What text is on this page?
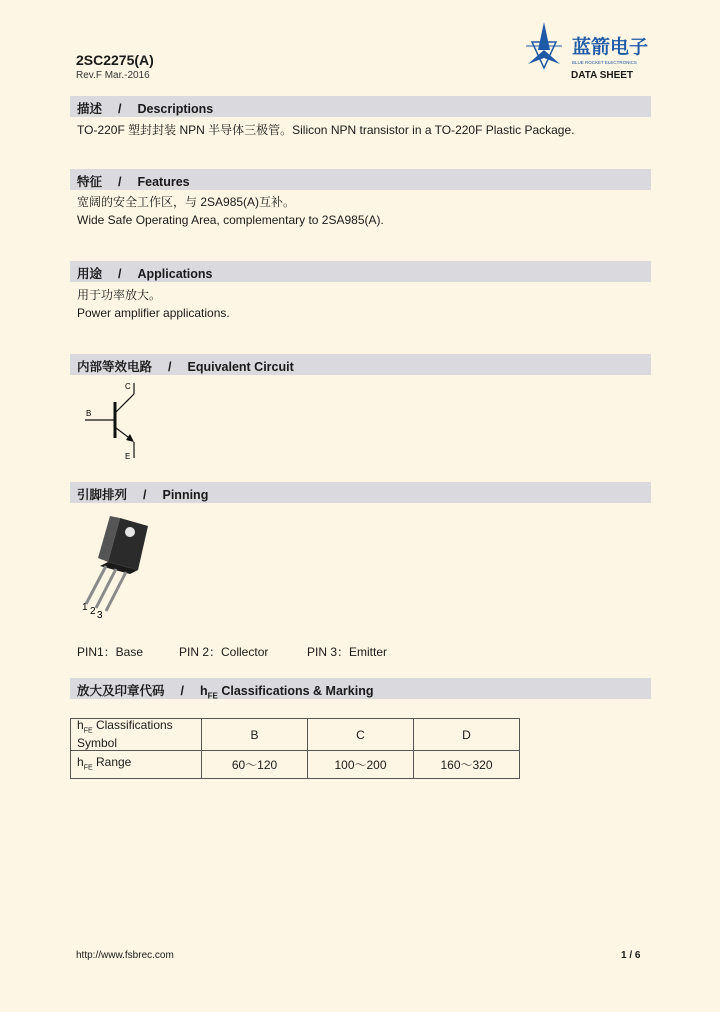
2SC2275(A)
Rev.F Mar.-2016
蓝箭电子
BLUE ROCKET ELECTRONICS
DATA SHEET
描述 / Descriptions
TO-220F 塑封封装 NPN 半导体三极管。Silicon NPN transistor in a TO-220F Plastic Package.
特征 / Features
宽阔的安全工作区，与 2SA985(A)互补。
Wide Safe Operating Area, complementary to 2SA985(A).
用途 / Applications
用于功率放大。
Power amplifier applications.
内部等效电路 / Equivalent Circuit
C
B
E
引脚排列 / Pinning
1 2 3
PIN1：Base	PIN 2：Collector	PIN 3：Emitter
放大及印章代码 / $h_{FE}$ Classifications & Marking
$h_{FE}$ Classifications
Symbol	B	C	D
$h_{FE}$ Range	60～120	100～200	160～320
http://www.fsbrec.com	1 / 6
